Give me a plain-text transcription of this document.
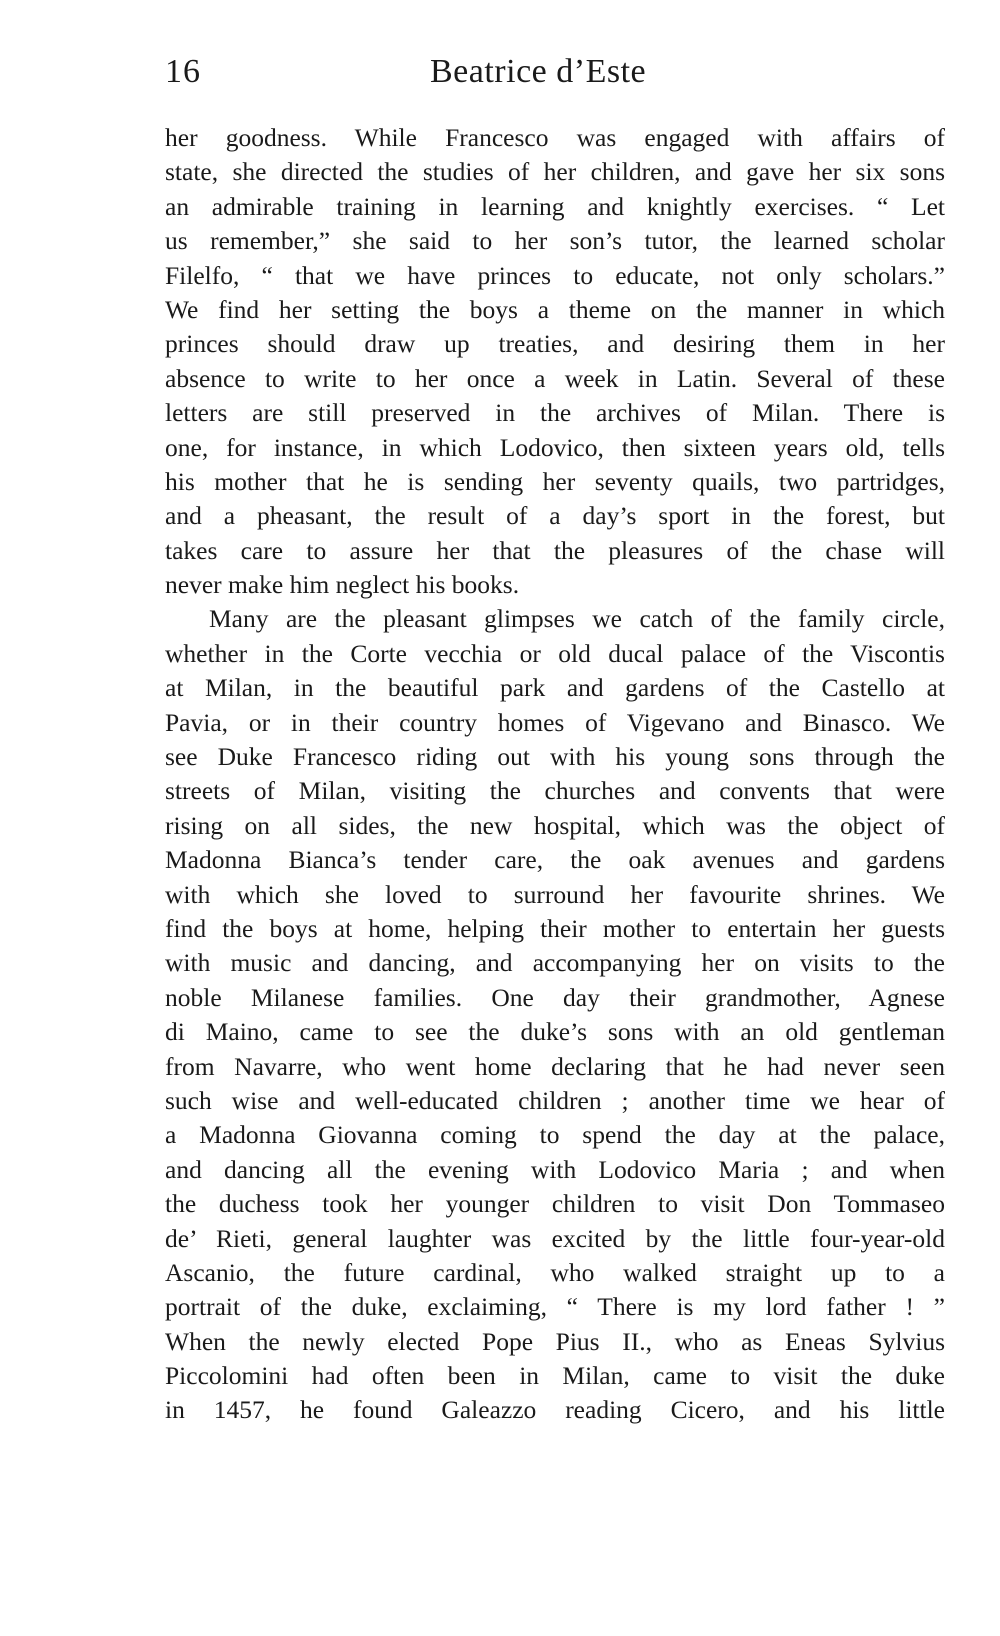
16	Beatrice d’Este
her goodness. While Francesco was engaged with affairs of
state, she directed the studies of her children, and gave her six sons
an admirable training in learning and knightly exercises. “ Let
us remember,” she said to her son’s tutor, the learned scholar
Filelfo, “ that we have princes to educate, not only scholars.”
We find her setting the boys a theme on the manner in which
princes should draw up treaties, and desiring them in her
absence to write to her once a week in Latin. Several of these
letters are still preserved in the archives of Milan. There is
one, for instance, in which Lodovico, then sixteen years old, tells
his mother that he is sending her seventy quails, two partridges,
and a pheasant, the result of a day’s sport in the forest, but
takes care to assure her that the pleasures of the chase will
never make him neglect his books.
Many are the pleasant glimpses we catch of the family circle,
whether in the Corte vecchia or old ducal palace of the Viscontis
at Milan, in the beautiful park and gardens of the Castello at
Pavia, or in their country homes of Vigevano and Binasco. We
see Duke Francesco riding out with his young sons through the
streets of Milan, visiting the churches and convents that were
rising on all sides, the new hospital, which was the object of
Madonna Bianca’s tender care, the oak avenues and gardens
with which she loved to surround her favourite shrines. We
find the boys at home, helping their mother to entertain her guests
with music and dancing, and accompanying her on visits to the
noble Milanese families. One day their grandmother, Agnese
di Maino, came to see the duke’s sons with an old gentleman
from Navarre, who went home declaring that he had never seen
such wise and well-educated children ; another time we hear of
a Madonna Giovanna coming to spend the day at the palace,
and dancing all the evening with Lodovico Maria ; and when
the duchess took her younger children to visit Don Tommaseo
de’ Rieti, general laughter was excited by the little four-year-old
Ascanio, the future cardinal, who walked straight up to a
portrait of the duke, exclaiming, “ There is my lord father ! ”
When the newly elected Pope Pius II., who as Eneas Sylvius
Piccolomini had often been in Milan, came to visit the duke
in 1457, he found Galeazzo reading Cicero, and his little
